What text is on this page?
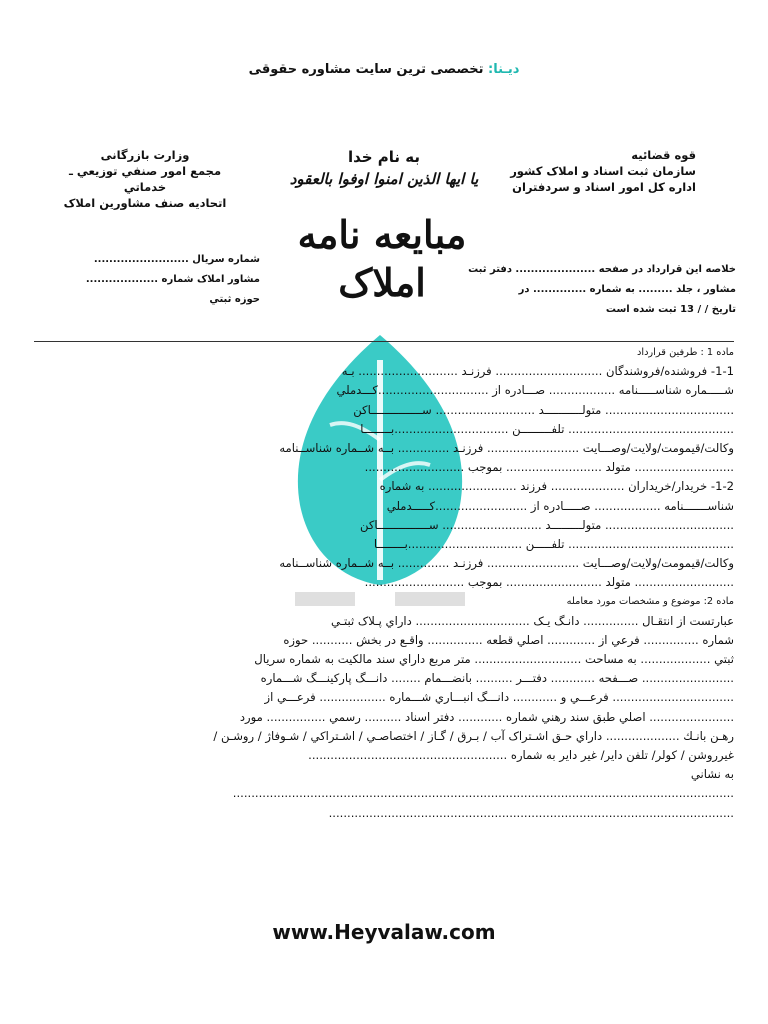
دیـنا: تخصصی ترین سایت مشاوره حقوقی
قوه قضائيه
سازمان ثبت اسناد و املاک کشور
اداره کل امور اسناد و سردفتران
وزارت بازرگانی
مجمع امور صنفي توزيعي ـ خدماتي
اتحاديه صنف مشاورين املاک
به نام خدا
يا ايها الذين امنوا اوفوا بالعقود
مبايعه نامه
املاک
شماره سريال .........................
مشاور املاک شماره ...................
حوزه ثبتي
خلاصه اين قرارداد در صفحه ..................... دفتر ثبت
مشاور ، جلد ......... به شماره .............. در
تاريخ / / 13 ثبت شده است
ماده 1 : طرفين قرارداد
1-1- فروشنده/فروشندگان ............................. فرزنـد ........................... بـه
شـــــماره شناســـــنامه .................. صـــادره از ..............................کـــدملي
................................... متولـــــــــــد ........................... ســـــــــــــــاکن
............................................. تلفـــــــــن ...............................بــــــــا
وكالت/قيمومت/ولايت/وصـــايت ......................... فرزنـد .............. بــه شــماره شناســنامه
........................... متولد .......................... بموجب ...........................
1-2- خريدار/خريداران .................... فرزند ........................ به شماره
شناســـــــنامه .................. صـــــادره از .........................كـــــدملي
................................... متولـــــــــد ........................... ســـــــــــــــاکن
............................................. تلفـــــن ...............................بــــــــا
وكالت/قيمومت/ولايت/وصـــايت ......................... فرزنـد .............. بــه شــماره شناســنامه
........................... متولد .......................... بموجب ...........................
ماده 2: موضوع و مشخصات مورد معامله
عبارتست از انتقـال ............... دانـگ يـک ............................... داراي پـلاک ثبتـي
شماره ............... فرعي از ............. اصلي قطعه ............... واقـع در بخش ........... حوزه
ثبتي ................... به مساحت ............................. متر مربع داراي سند مالکيت به شماره سريال
......................... صـــفحه ............ دفتـــر .......... بانضـــمام ........ دانـــگ پارکينـــگ شـــماره
................................. فرعـــي و ............ دانـــگ انبـــاري شـــماره .................. فرعـــي از
....................... اصلي طبق سند رهني شماره ............ دفتر اسناد .......... رسمي ................ مورد
رهـن بانـك .................... داراي حـق اشـتراک آب / بـرق / گـاز / اختصاصـي / اشـتراکي / شـوفاژ / روشـن /
غيرروشن / کولر/ تلفن داير/ غير داير به شماره ......................................................
به نشاني
........................................................................................................................................
..............................................................................................................
www.Heyvalaw.com
